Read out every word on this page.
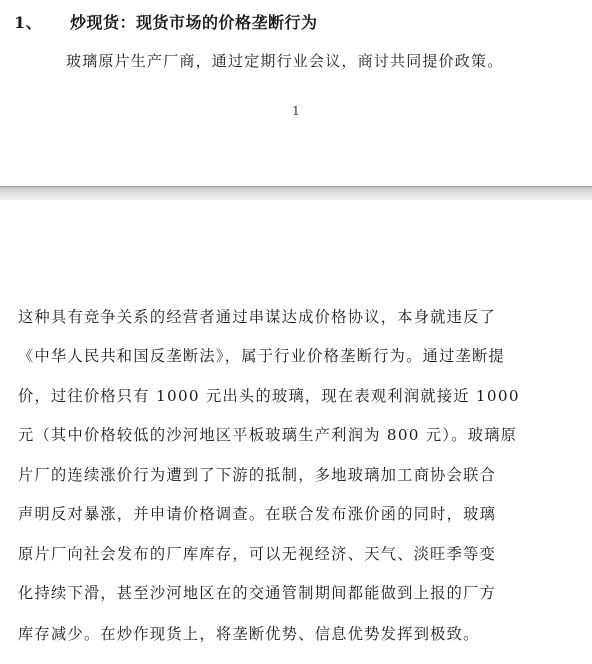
1、 炒现货：现货市场的价格垄断行为
玻璃原片生产厂商，通过定期行业会议，商讨共同提价政策。
1
这种具有竞争关系的经营者通过串谋达成价格协议，本身就违反了
《中华人民共和国反垄断法》，属于行业价格垄断行为。通过垄断提
价，过往价格只有 1000 元出头的玻璃，现在表观利润就接近 1000
元（其中价格较低的沙河地区平板玻璃生产利润为 800 元）。玻璃原
片厂的连续涨价行为遭到了下游的抵制，多地玻璃加工商协会联合
声明反对暴涨，并申请价格调查。在联合发布涨价函的同时，玻璃
原片厂向社会发布的厂库库存，可以无视经济、天气、淡旺季等变
化持续下滑，甚至沙河地区在的交通管制期间都能做到上报的厂方
库存减少。在炒作现货上，将垄断优势、信息优势发挥到极致。
